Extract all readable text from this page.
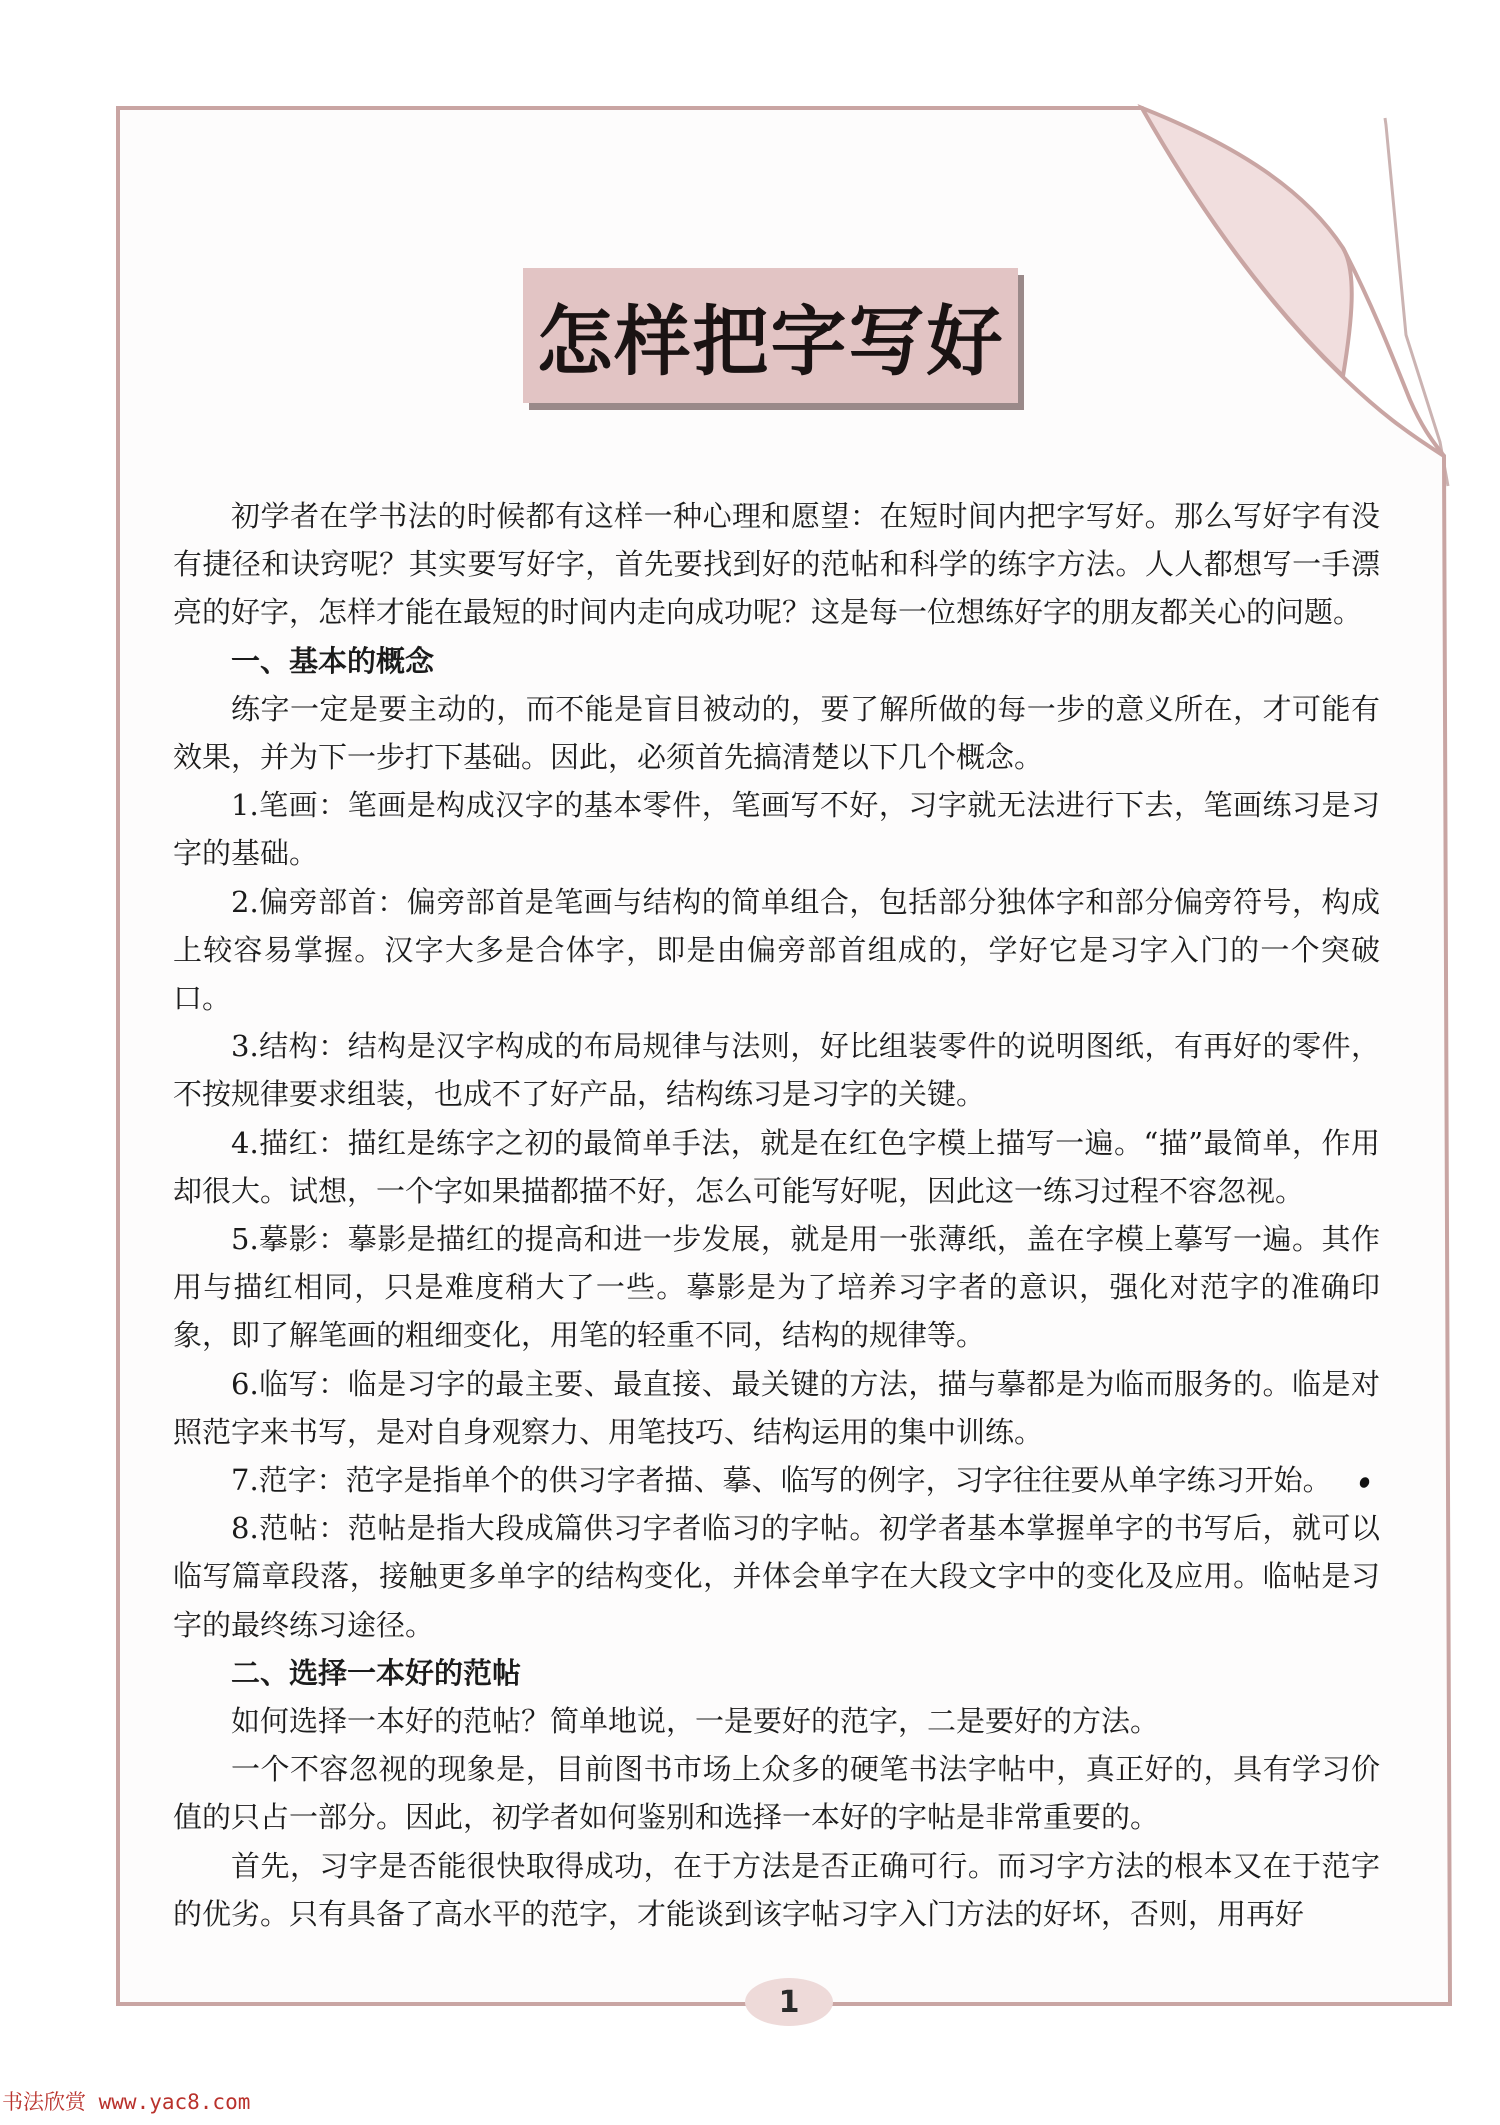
怎样把字写好

初学者在学书法的时候都有这样一种心理和愿望：在短时间内把字写好。那么写好字有没有捷径和诀窍呢？其实要写好字，首先要找到好的范帖和科学的练字方法。人人都想写一手漂亮的好字，怎样才能在最短的时间内走向成功呢？这是每一位想练好字的朋友都关心的问题。

一、基本的概念

练字一定是要主动的，而不能是盲目被动的，要了解所做的每一步的意义所在，才可能有效果，并为下一步打下基础。因此，必须首先搞清楚以下几个概念。

1.笔画：笔画是构成汉字的基本零件，笔画写不好，习字就无法进行下去，笔画练习是习字的基础。

2.偏旁部首：偏旁部首是笔画与结构的简单组合，包括部分独体字和部分偏旁符号，构成上较容易掌握。汉字大多是合体字，即是由偏旁部首组成的，学好它是习字入门的一个突破口。

3.结构：结构是汉字构成的布局规律与法则，好比组装零件的说明图纸，有再好的零件，不按规律要求组装，也成不了好产品，结构练习是习字的关键。

4.描红：描红是练字之初的最简单手法，就是在红色字模上描写一遍。“描”最简单，作用却很大。试想，一个字如果描都描不好，怎么可能写好呢，因此这一练习过程不容忽视。

5.摹影：摹影是描红的提高和进一步发展，就是用一张薄纸，盖在字模上摹写一遍。其作用与描红相同，只是难度稍大了一些。摹影是为了培养习字者的意识，强化对范字的准确印象，即了解笔画的粗细变化，用笔的轻重不同，结构的规律等。

6.临写：临是习字的最主要、最直接、最关键的方法，描与摹都是为临而服务的。临是对照范字来书写，是对自身观察力、用笔技巧、结构运用的集中训练。

7.范字：范字是指单个的供习字者描、摹、临写的例字，习字往往要从单字练习开始。

8.范帖：范帖是指大段成篇供习字者临习的字帖。初学者基本掌握单字的书写后，就可以临写篇章段落，接触更多单字的结构变化，并体会单字在大段文字中的变化及应用。临帖是习字的最终练习途径。

二、选择一本好的范帖

如何选择一本好的范帖？简单地说，一是要好的范字，二是要好的方法。

一个不容忽视的现象是，目前图书市场上众多的硬笔书法字帖中，真正好的，具有学习价值的只占一部分。因此，初学者如何鉴别和选择一本好的字帖是非常重要的。

首先，习字是否能很快取得成功，在于方法是否正确可行。而习字方法的根本又在于范字的优劣。只有具备了高水平的范字，才能谈到该字帖习字入门方法的好坏，否则，用再好

1
书法欣赏 www.yac8.com
